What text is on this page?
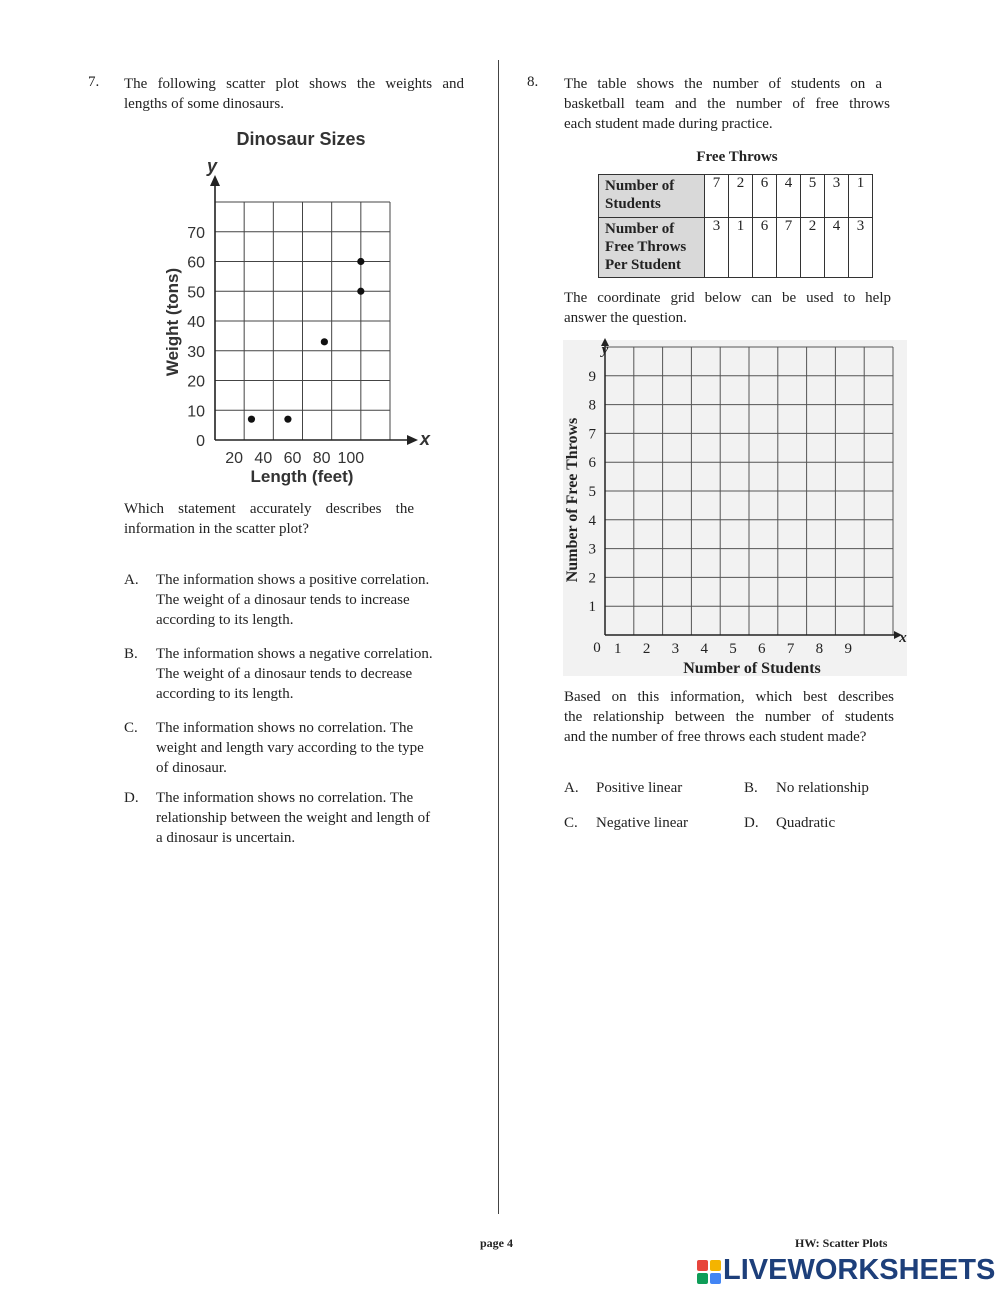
7. The following scatter plot shows the weights and
lengths of some dinosaurs.
Dinosaur Sizes
20 40 60 80 100
0
10
20
30
40
50
60
70
y
x
Length (feet)
Weight (tons)
Which statement accurately describes the
information in the scatter plot?
A. The information shows a positive correlation.
The weight of a dinosaur tends to increase
according to its length.
B. The information shows a negative correlation.
The weight of a dinosaur tends to decrease
according to its length.
C. The information shows no correlation. The
weight and length vary according to the type
of dinosaur.
D. The information shows no correlation. The
relationship between the weight and length of
a dinosaur is uncertain.
8. The table shows the number of students on a
basketball team and the number of free throws
each student made during practice.
Free Throws
Number of
Students	7	2	6	4	5	3	1

Number of
Free Throws
Per Student	3	1	6	7	2	4	3
The coordinate grid below can be used to help
answer the question.
1 2 3 4 5 6 7 8 9
1
2
3
4
5
6
7
8
9
y
x
0
Number of Students
Number of Free Throws
Based on this information, which best describes
the relationship between the number of students
and the number of free throws each student made?
A. Positive linear	B. No relationship
C. Negative linear	D. Quadratic
page 4	HW: Scatter Plots
LIVEWORKSHEETS
